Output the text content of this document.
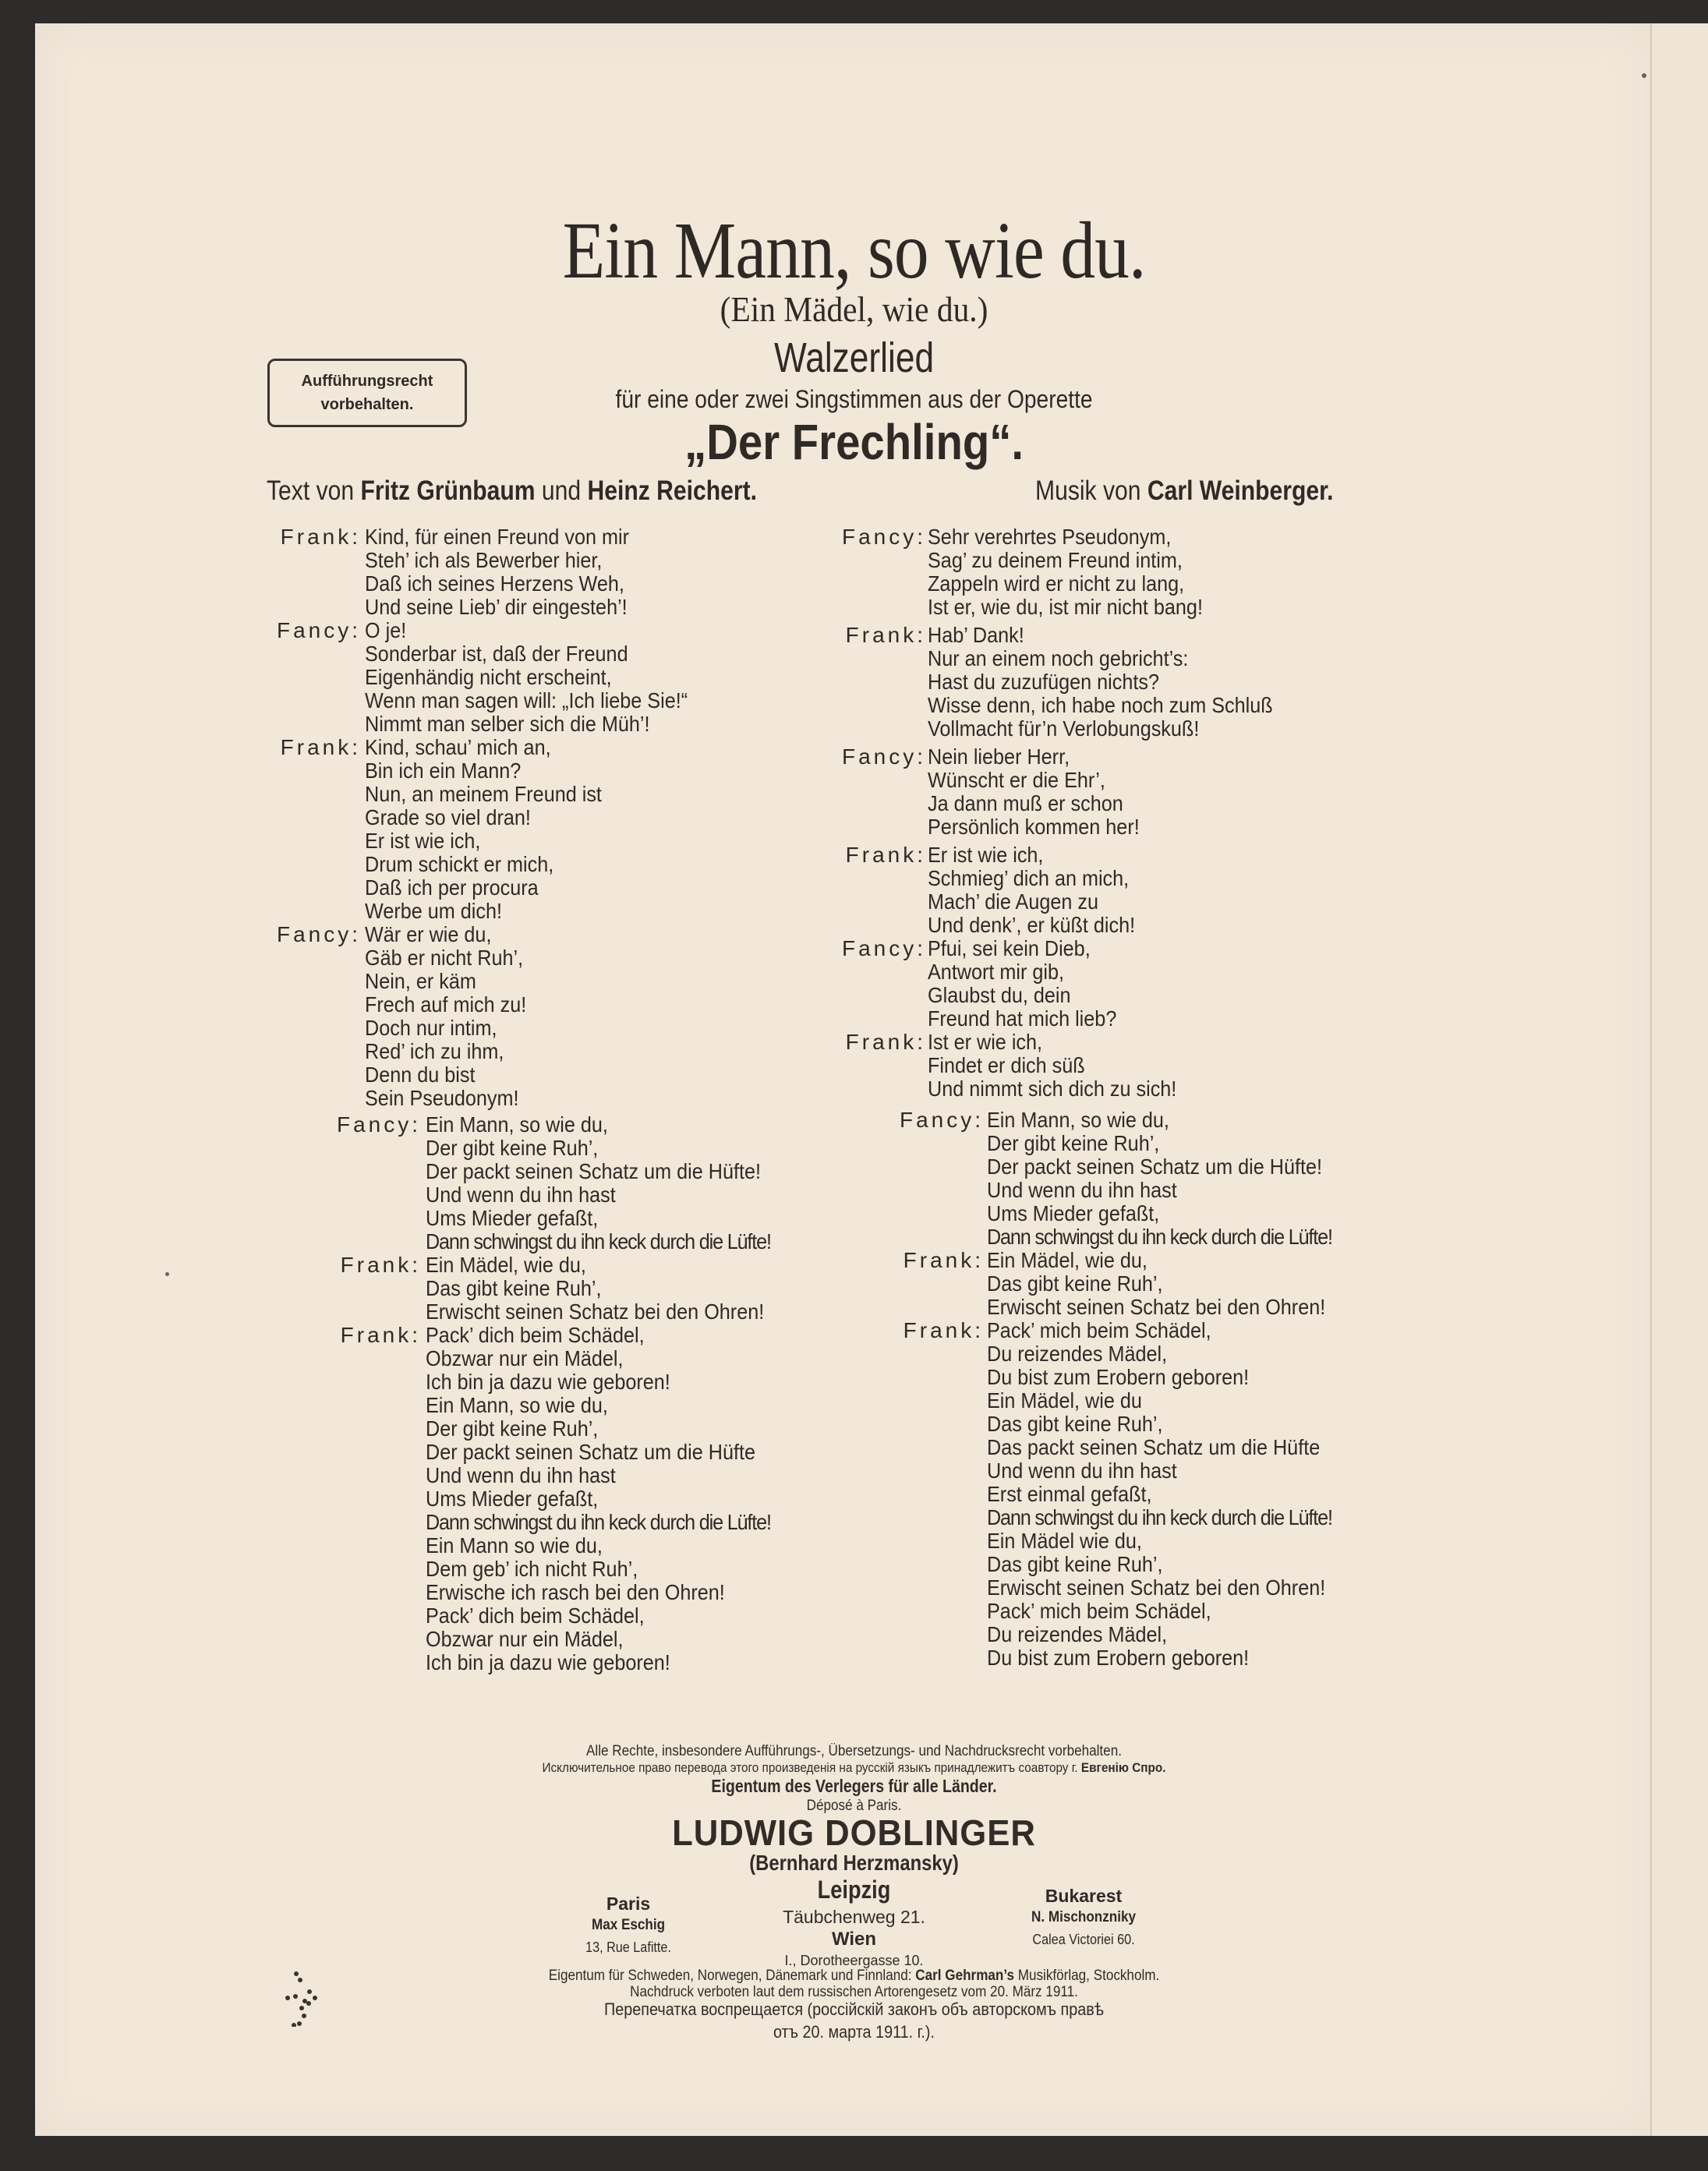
Ein Mann, so wie du.
(Ein Mädel, wie du.)
Walzerlied
für eine oder zwei Singstimmen aus der Operette
„Der Frechling“.
Aufführungsrecht
vorbehalten.
Text von Fritz Grünbaum und Heinz Reichert.	Musik von Carl Weinberger.
Frank: Kind, für einen Freund von mir
Steh’ ich als Bewerber hier,
Daß ich seines Herzens Weh,
Und seine Lieb’ dir eingesteh’!
Fancy: O je!
Sonderbar ist, daß der Freund
Eigenhändig nicht erscheint,
Wenn man sagen will: „Ich liebe Sie!“
Nimmt man selber sich die Müh’!
Frank: Kind, schau’ mich an,
Bin ich ein Mann?
Nun, an meinem Freund ist
Grade so viel dran!
Er ist wie ich,
Drum schickt er mich,
Daß ich per procura
Werbe um dich!
Fancy: Wär er wie du,
Gäb er nicht Ruh’,
Nein, er käm
Frech auf mich zu!
Doch nur intim,
Red’ ich zu ihm,
Denn du bist
Sein Pseudonym!
Fancy: Ein Mann, so wie du,
Der gibt keine Ruh’,
Der packt seinen Schatz um die Hüfte!
Und wenn du ihn hast
Ums Mieder gefaßt,
Dann schwingst du ihn keck durch die Lüfte!
Frank: Ein Mädel, wie du,
Das gibt keine Ruh’,
Erwischt seinen Schatz bei den Ohren!
Frank: Pack’ dich beim Schädel,
Obzwar nur ein Mädel,
Ich bin ja dazu wie geboren!
Ein Mann, so wie du,
Der gibt keine Ruh’,
Der packt seinen Schatz um die Hüfte
Und wenn du ihn hast
Ums Mieder gefaßt,
Dann schwingst du ihn keck durch die Lüfte!
Ein Mann so wie du,
Dem geb’ ich nicht Ruh’,
Erwische ich rasch bei den Ohren!
Pack’ dich beim Schädel,
Obzwar nur ein Mädel,
Ich bin ja dazu wie geboren!
Fancy: Sehr verehrtes Pseudonym,
Sag’ zu deinem Freund intim,
Zappeln wird er nicht zu lang,
Ist er, wie du, ist mir nicht bang!
Frank: Hab’ Dank!
Nur an einem noch gebricht’s:
Hast du zuzufügen nichts?
Wisse denn, ich habe noch zum Schluß
Vollmacht für’n Verlobungskuß!
Fancy: Nein lieber Herr,
Wünscht er die Ehr’,
Ja dann muß er schon
Persönlich kommen her!
Frank: Er ist wie ich,
Schmieg’ dich an mich,
Mach’ die Augen zu
Und denk’, er küßt dich!
Fancy: Pfui, sei kein Dieb,
Antwort mir gib,
Glaubst du, dein
Freund hat mich lieb?
Frank: Ist er wie ich,
Findet er dich süß
Und nimmt sich dich zu sich!
Fancy: Ein Mann, so wie du,
Der gibt keine Ruh’,
Der packt seinen Schatz um die Hüfte!
Und wenn du ihn hast
Ums Mieder gefaßt,
Dann schwingst du ihn keck durch die Lüfte!
Frank: Ein Mädel, wie du,
Das gibt keine Ruh’,
Erwischt seinen Schatz bei den Ohren!
Frank: Pack’ mich beim Schädel,
Du reizendes Mädel,
Du bist zum Erobern geboren!
Ein Mädel, wie du
Das gibt keine Ruh’,
Das packt seinen Schatz um die Hüfte
Und wenn du ihn hast
Erst einmal gefaßt,
Dann schwingst du ihn keck durch die Lüfte!
Ein Mädel wie du,
Das gibt keine Ruh’,
Erwischt seinen Schatz bei den Ohren!
Pack’ mich beim Schädel,
Du reizendes Mädel,
Du bist zum Erobern geboren!
Alle Rechte, insbesondere Aufführungs-, Übersetzungs- und Nachdrucksrecht vorbehalten.
Исключительное право перевода этого произведенія на русскій языкъ принадлежитъ соавтору г. Евгенію Спро.
Eigentum des Verlegers für alle Länder.
Déposé à Paris.
LUDWIG DOBLINGER
(Bernhard Herzmansky)
Leipzig
Täubchenweg 21.
Wien
I., Dorotheergasse 10.
Paris
Max Eschig
13, Rue Lafitte.
Bukarest
N. Mischonzniky
Calea Victoriei 60.
Eigentum für Schweden, Norwegen, Dänemark und Finnland: Carl Gehrman’s Musikförlag, Stockholm.
Nachdruck verboten laut dem russischen Artorengesetz vom 20. März 1911.
Перепечатка воспрещается (россійскій законъ объ авторскомъ правѣ
отъ 20. марта 1911. г.).
